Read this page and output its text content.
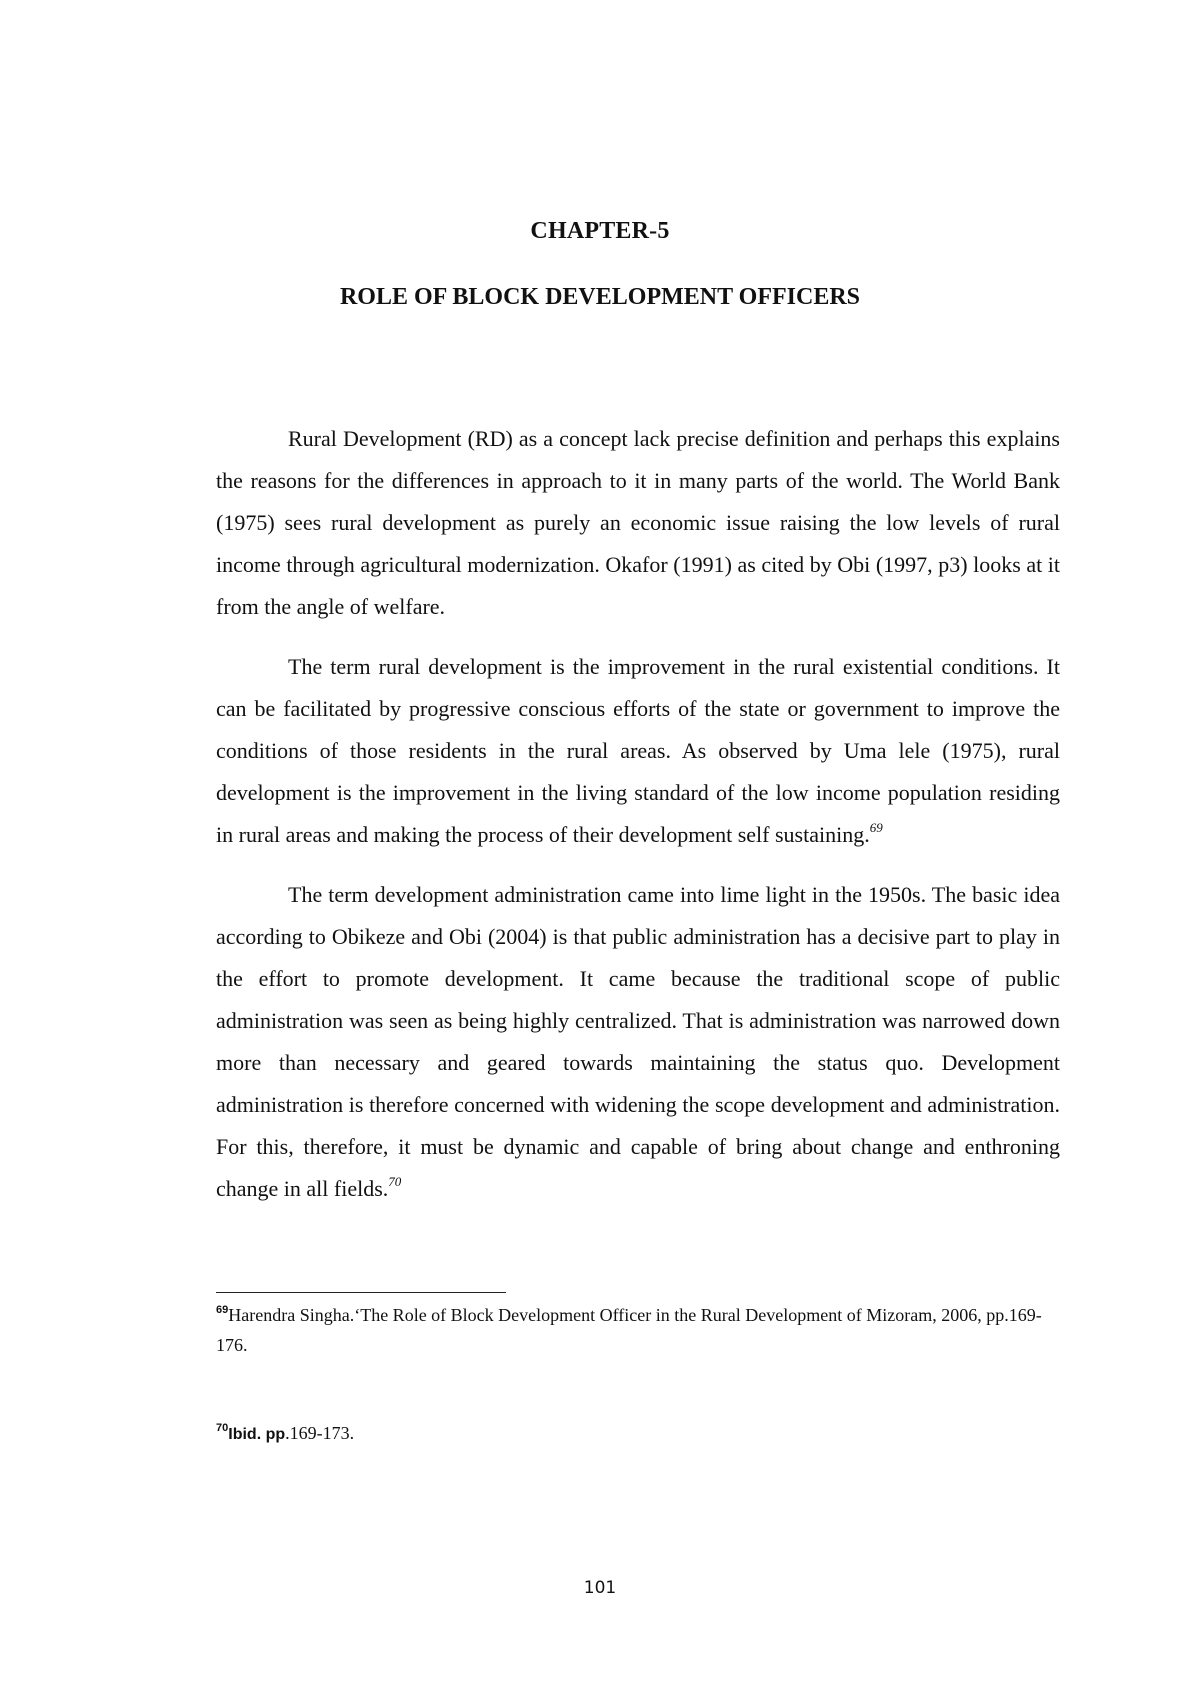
CHAPTER-5
ROLE OF BLOCK DEVELOPMENT OFFICERS

Rural Development (RD) as a concept lack precise definition and perhaps this explains the reasons for the differences in approach to it in many parts of the world. The World Bank (1975) sees rural development as purely an economic issue raising the low levels of rural income through agricultural modernization. Okafor (1991) as cited by Obi (1997, p3) looks at it from the angle of welfare.

The term rural development is the improvement in the rural existential conditions. It can be facilitated by progressive conscious efforts of the state or government to improve the conditions of those residents in the rural areas. As observed by Uma lele (1975), rural development is the improvement in the living standard of the low income population residing in rural areas and making the process of their development self sustaining.$^{69}$

The term development administration came into lime light in the 1950s. The basic idea according to Obikeze and Obi (2004) is that public administration has a decisive part to play in the effort to promote development. It came because the traditional scope of public administration was seen as being highly centralized. That is administration was narrowed down more than necessary and geared towards maintaining the status quo. Development administration is therefore concerned with widening the scope development and administration. For this, therefore, it must be dynamic and capable of bring about change and enthroning change in all fields.$^{70}$

$^{69}$Harendra Singha.‘The Role of Block Development Officer in the Rural Development of Mizoram, 2006, pp.169-176.
$^{70}$Ibid. pp.169-173.
101
